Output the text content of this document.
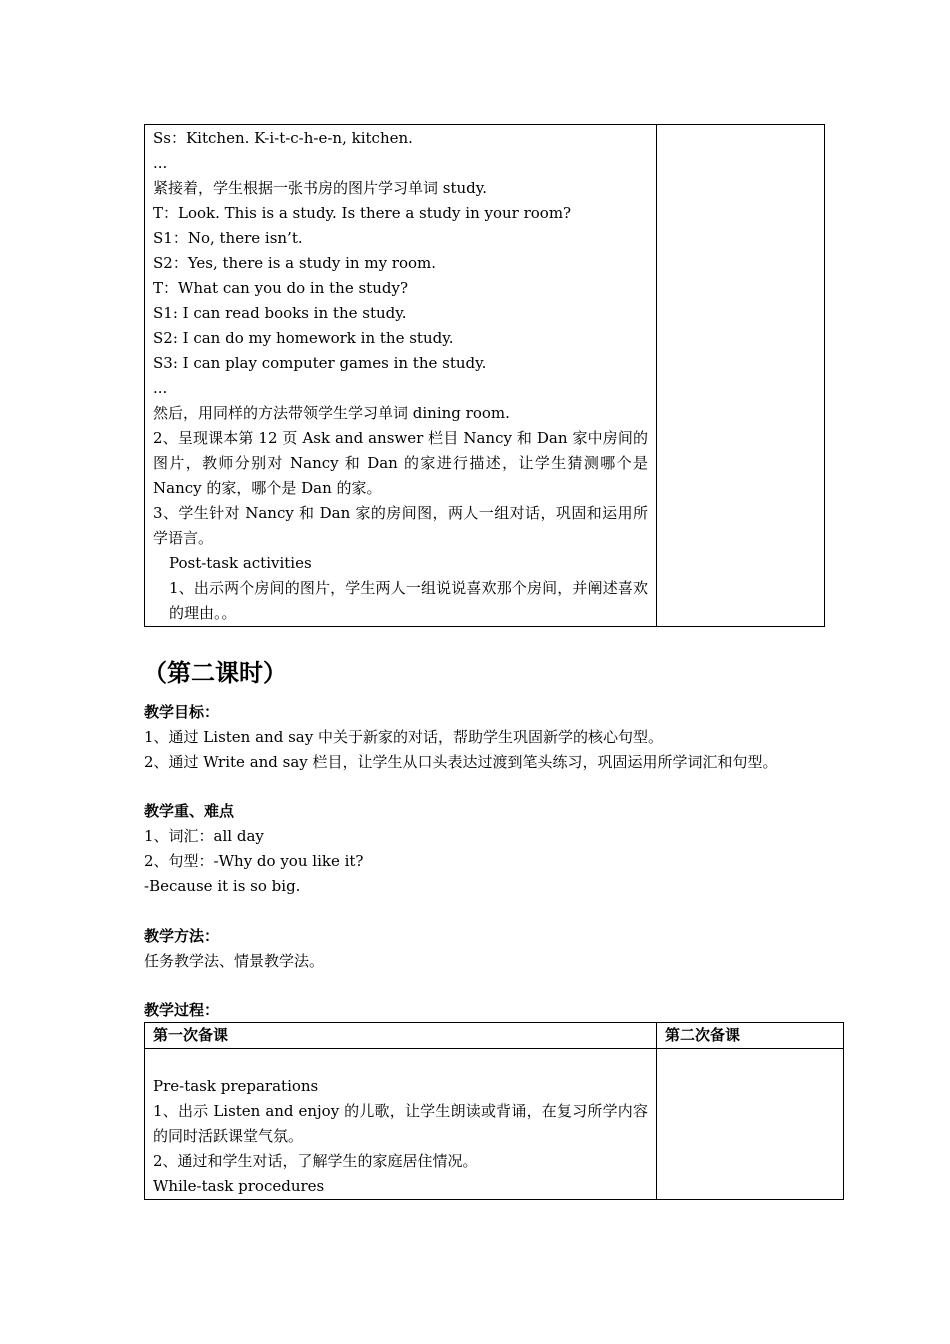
Ss：Kitchen. K-i-t-c-h-e-n, kitchen.
...
紧接着，学生根据一张书房的图片学习单词 study.
T：Look. This is a study. Is there a study in your room?
S1：No, there isn’t.
S2：Yes, there is a study in my room.
T：What can you do in the study?
S1: I can read books in the study.
S2: I can do my homework in the study.
S3: I can play computer games in the study.
...
然后，用同样的方法带领学生学习单词 dining room.
2、呈现课本第 12 页 Ask and answer 栏目 Nancy 和 Dan 家中房间的图片，教师分别对 Nancy 和 Dan 的家进行描述，让学生猜测哪个是 Nancy 的家，哪个是 Dan 的家。
3、学生针对 Nancy 和 Dan 家的房间图，两人一组对话，巩固和运用所学语言。
Post-task activities
1、出示两个房间的图片，学生两人一组说说喜欢那个房间，并阐述喜欢的理由。。

（第二课时）
教学目标：
1、通过 Listen and say 中关于新家的对话，帮助学生巩固新学的核心句型。
2、通过 Write and say 栏目，让学生从口头表达过渡到笔头练习，巩固运用所学词汇和句型。
教学重、难点
1、词汇：all day
2、句型：-Why do you like it?
-Because it is so big.
教学方法：
任务教学法、情景教学法。
教学过程：
第一次备课	第二次备课

Pre-task preparations
1、出示 Listen and enjoy 的儿歌，让学生朗读或背诵，在复习所学内容的同时活跃课堂气氛。
2、通过和学生对话，了解学生的家庭居住情况。
While-task procedures	
